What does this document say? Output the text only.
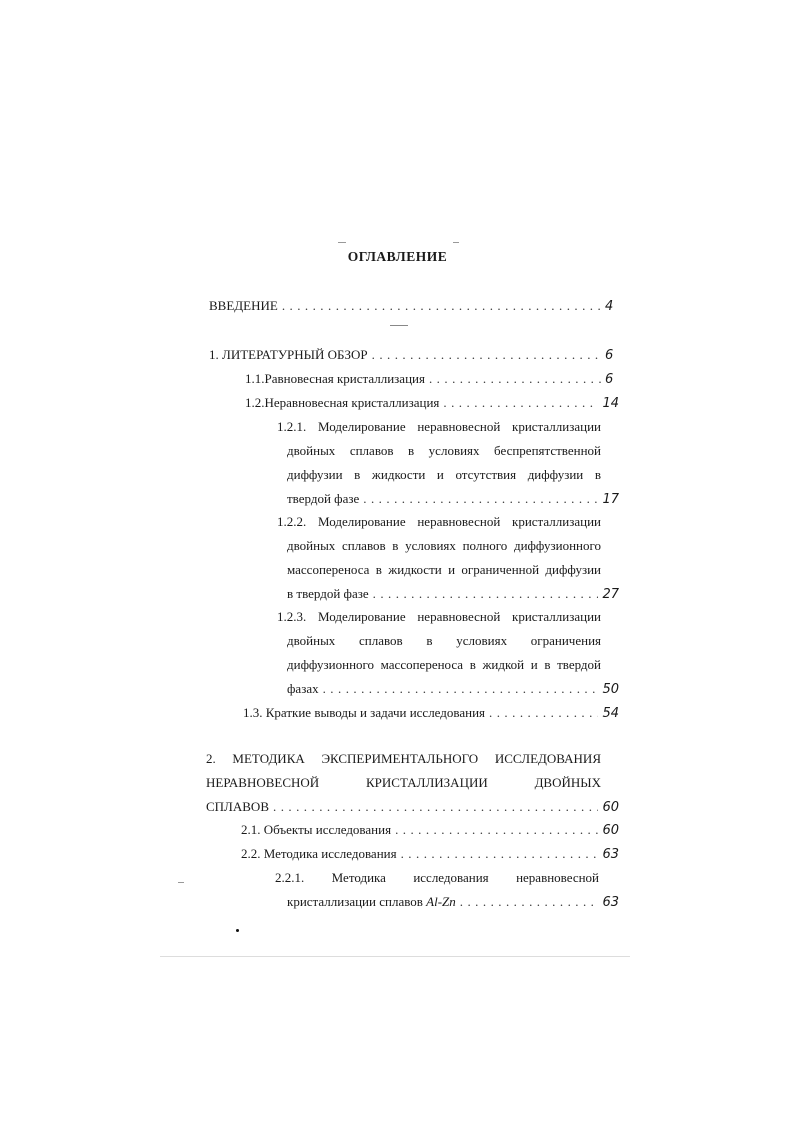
ОГЛАВЛЕНИЕ
ВВЕДЕНИЕ . . .	4
1. ЛИТЕРАТУРНЫЙ ОБЗОР . . .	6
1.1.Равновесная кристаллизация . . .	6
1.2.Неравновесная кристаллизация . . .	14
1.2.1. Моделирование неравновесной кристаллизации
двойных сплавов в условиях беспрепятственной
диффузии в жидкости и отсутствия диффузии в
твердой фазе . . .	17
1.2.2. Моделирование неравновесной кристаллизации
двойных сплавов в условиях полного диффузионного
массопереноса в жидкости и ограниченной диффузии
в твердой фазе . . .	27
1.2.3. Моделирование неравновесной кристаллизации
двойных сплавов в условиях ограничения
диффузионного массопереноса в жидкой и в твердой
фазах . . .	50
1.3. Краткие выводы и задачи исследования . . .	54
2. МЕТОДИКА ЭКСПЕРИМЕНТАЛЬНОГО ИССЛЕДОВАНИЯ
НЕРАВНОВЕСНОЙ КРИСТАЛЛИЗАЦИИ ДВОЙНЫХ
СПЛАВОВ . . .	60
2.1. Объекты исследования . . .	60
2.2. Методика исследования . . .	63
2.2.1. Методика исследования неравновесной
кристаллизации сплавов Al-Zn . . .	63
